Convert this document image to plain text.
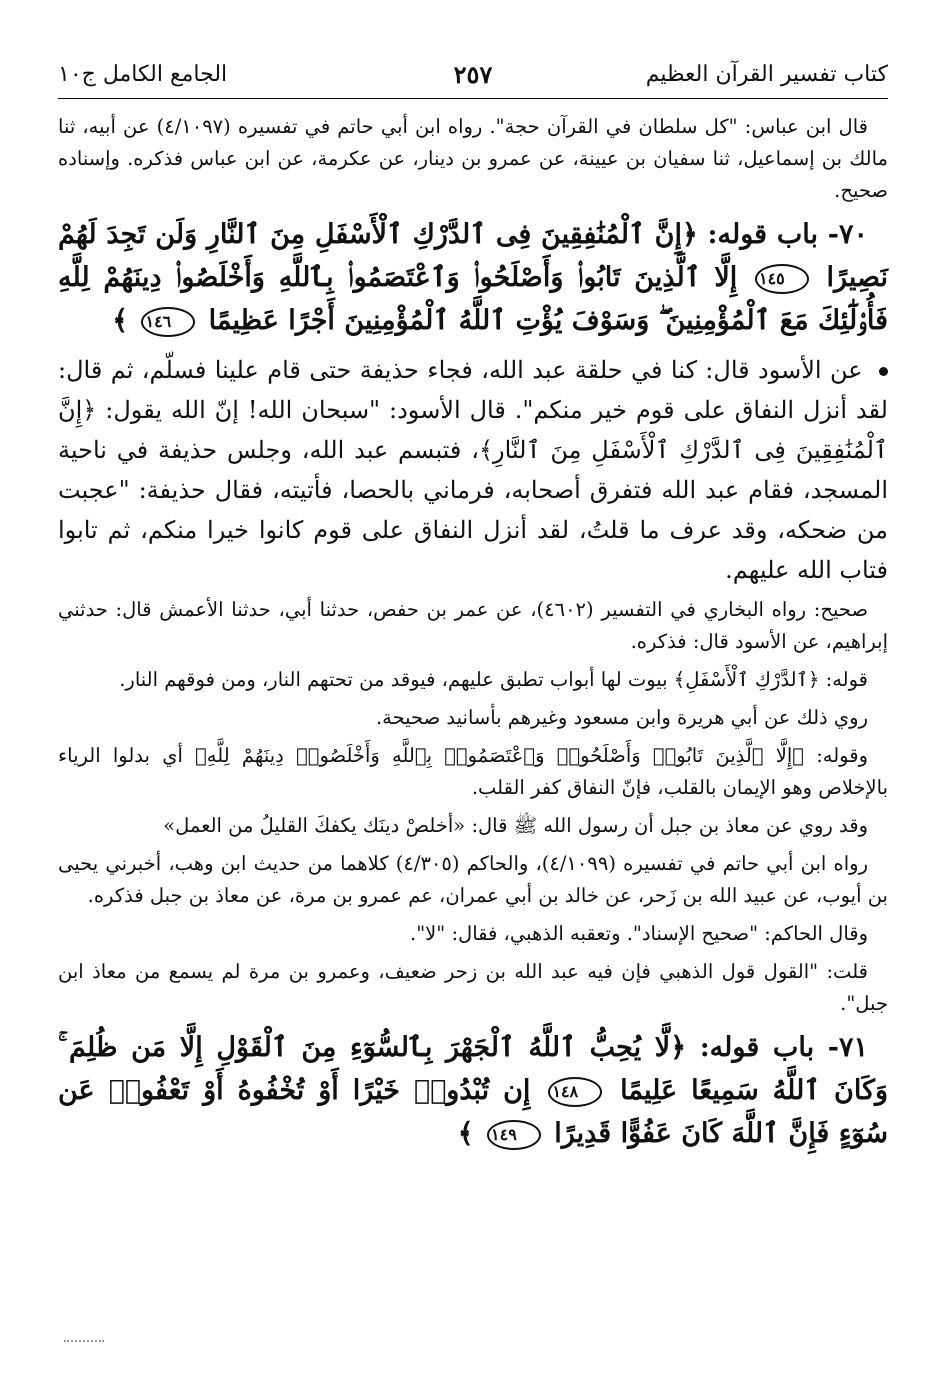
كتاب تفسير القرآن العظيم
٢٥٧
الجامع الكامل ج١٠

قال ابن عباس: "كل سلطان في القرآن حجة". رواه ابن أبي حاتم في تفسيره (٤/١٠٩٧) عن أبيه، ثنا مالك بن إسماعيل، ثنا سفيان بن عيينة، عن عمرو بن دينار، عن عكرمة، عن ابن عباس فذكره. وإسناده صحيح.

٧٠- باب قوله: ﴿إِنَّ ٱلْمُنَٰفِقِينَ فِى ٱلدَّرْكِ ٱلْأَسْفَلِ مِنَ ٱلنَّارِ وَلَن تَجِدَ لَهُمْ نَصِيرًا ١٤٥ إِلَّا ٱلَّذِينَ تَابُوا۟ وَأَصْلَحُوا۟ وَٱعْتَصَمُوا۟ بِٱللَّهِ وَأَخْلَصُوا۟ دِينَهُمْ لِلَّهِ فَأُو۟لَٰٓئِكَ مَعَ ٱلْمُؤْمِنِينَ ۖ وَسَوْفَ يُؤْتِ ٱللَّهُ ٱلْمُؤْمِنِينَ أَجْرًا عَظِيمًا ١٤٦ ﴾

عن الأسود قال: كنا في حلقة عبد الله، فجاء حذيفة حتى قام علينا فسلّم، ثم قال: لقد أنزل النفاق على قوم خير منكم". قال الأسود: "سبحان الله! إنّ الله يقول: ﴿إِنَّ ٱلْمُنَٰفِقِينَ فِى ٱلدَّرْكِ ٱلْأَسْفَلِ مِنَ ٱلنَّارِ﴾، فتبسم عبد الله، وجلس حذيفة في ناحية المسجد، فقام عبد الله فتفرق أصحابه، فرماني بالحصا، فأتيته، فقال حذيفة: "عجبت من ضحكه، وقد عرف ما قلتُ، لقد أنزل النفاق على قوم كانوا خيرا منكم، ثم تابوا فتاب الله عليهم.

صحيح: رواه البخاري في التفسير (٤٦٠٢)، عن عمر بن حفص، حدثنا أبي، حدثنا الأعمش قال: حدثني إبراهيم، عن الأسود قال: فذكره.

قوله: ﴿ٱلدَّرْكِ ٱلْأَسْفَلِ﴾ بيوت لها أبواب تطبق عليهم، فيوقد من تحتهم النار، ومن فوقهم النار.

روي ذلك عن أبي هريرة وابن مسعود وغيرهم بأسانيد صحيحة.

وقوله: ﴿إِلَّا ٱلَّذِينَ تَابُوا۟ وَأَصْلَحُوا۟ وَٱعْتَصَمُوا۟ بِٱللَّهِ وَأَخْلَصُوا۟ دِينَهُمْ لِلَّهِ﴾ أي بدلوا الرياء بالإخلاص وهو الإيمان بالقلب، فإنّ النفاق كفر القلب.

وقد روي عن معاذ بن جبل أن رسول الله ﷺ قال: «أخلصْ دينَك يكفكَ القليلُ من العمل»

رواه ابن أبي حاتم في تفسيره (٤/١٠٩٩)، والحاكم (٤/٣٠٥) كلاهما من حديث ابن وهب، أخبرني يحيى بن أيوب، عن عبيد الله بن زَحر، عن خالد بن أبي عمران، عم عمرو بن مرة، عن معاذ بن جبل فذكره.

وقال الحاكم: "صحيح الإسناد". وتعقبه الذهبي، فقال: "لا".

قلت: "القول قول الذهبي فإن فيه عبد الله بن زحر ضعيف، وعمرو بن مرة لم يسمع من معاذ ابن جبل".

٧١- باب قوله: ﴿لَّا يُحِبُّ ٱللَّهُ ٱلْجَهْرَ بِٱلسُّوٓءِ مِنَ ٱلْقَوْلِ إِلَّا مَن ظُلِمَ ۚ وَكَانَ ٱللَّهُ سَمِيعًا عَلِيمًا ١٤٨ إِن تُبْدُوا۟ خَيْرًا أَوْ تُخْفُوهُ أَوْ تَعْفُوا۟ عَن سُوٓءٍ فَإِنَّ ٱللَّهَ كَانَ عَفُوًّا قَدِيرًا ١٤٩ ﴾
